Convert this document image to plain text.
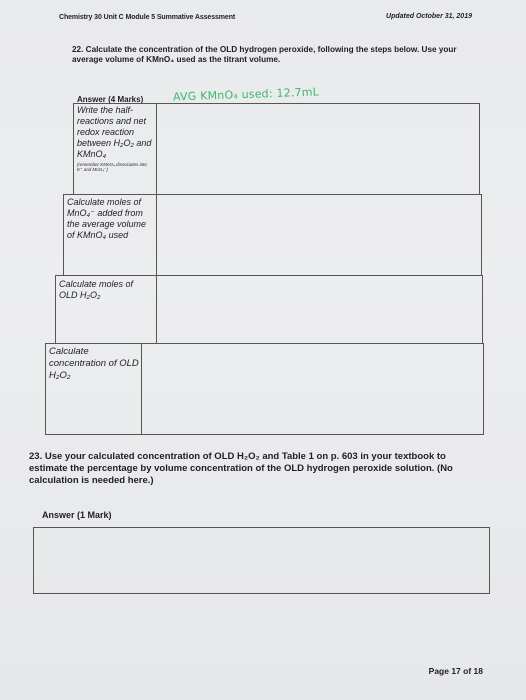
Chemistry 30 Unit C Module 5 Summative Assessment	Updated October 31, 2019
22. Calculate the concentration of the OLD hydrogen peroxide, following the steps below. Use your average volume of KMnO₄ used as the titrant volume.
Answer (4 Marks)	AVG KMnO₄ used: 12.7mL
Write the half-reactions and net redox reaction between H₂O₂ and KMnO₄
(remember KMnO₄ dissociates into K⁺ and MnO₄⁻)
Calculate moles of MnO₄⁻ added from the average volume of KMnO₄ used
Calculate moles of OLD H₂O₂
Calculate concentration of OLD H₂O₂
23. Use your calculated concentration of OLD H₂O₂ and Table 1 on p. 603 in your textbook to estimate the percentage by volume concentration of the OLD hydrogen peroxide solution. (No calculation is needed here.)
Answer (1 Mark)
Page 17 of 18
